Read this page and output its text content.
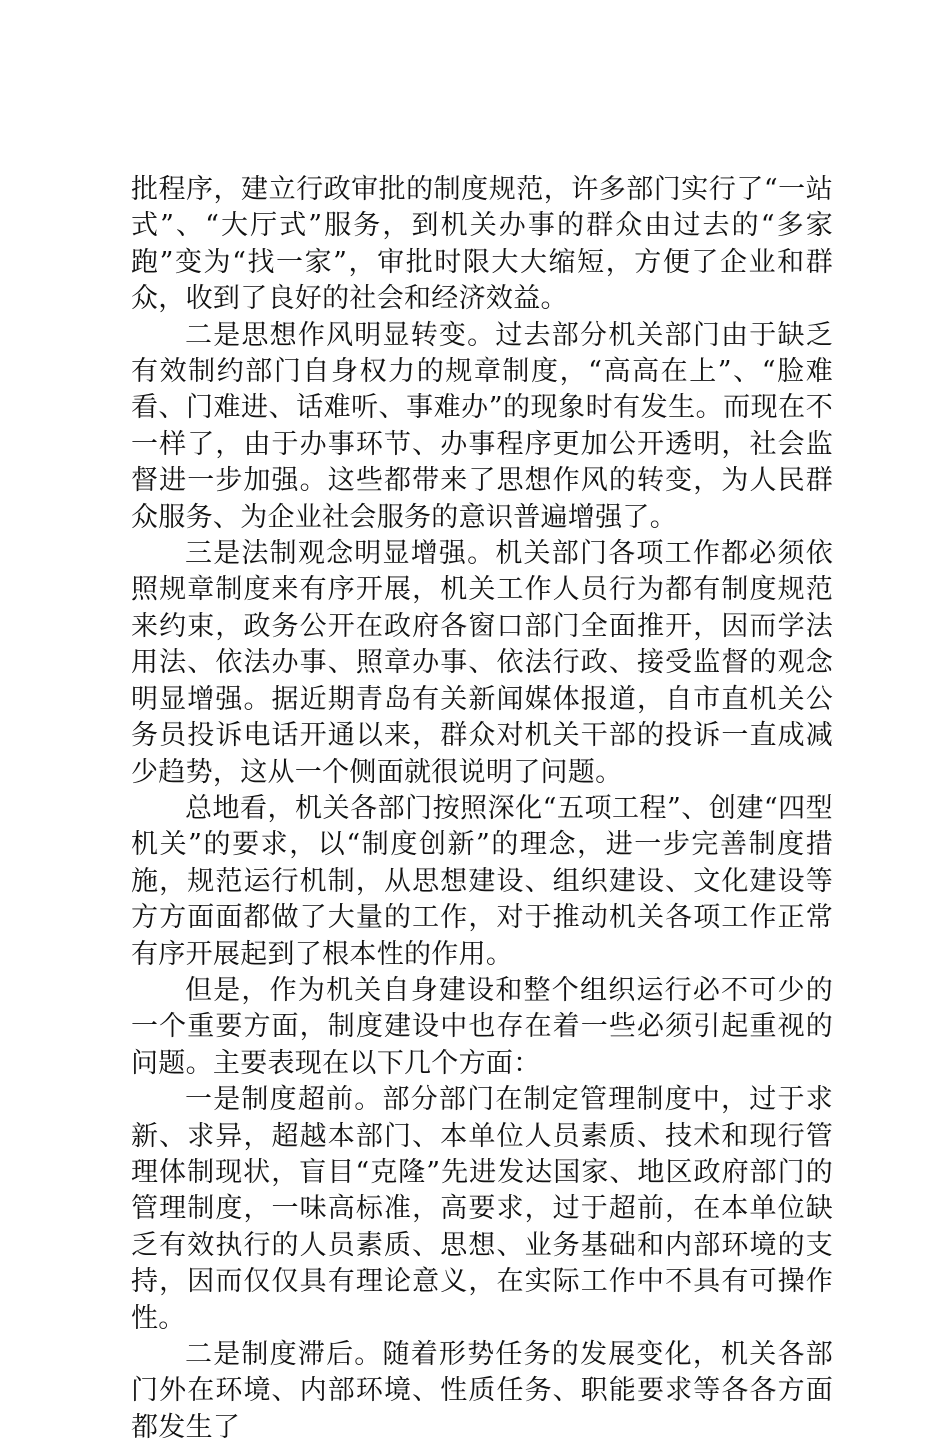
批程序，建立行政审批的制度规范，许多部门实行了“一站式”、“大厅式”服务，到机关办事的群众由过去的“多家跑”变为“找一家”，审批时限大大缩短，方便了企业和群众，收到了良好的社会和经济效益。

二是思想作风明显转变。过去部分机关部门由于缺乏有效制约部门自身权力的规章制度，“高高在上”、“脸难看、门难进、话难听、事难办”的现象时有发生。而现在不一样了，由于办事环节、办事程序更加公开透明，社会监督进一步加强。这些都带来了思想作风的转变，为人民群众服务、为企业社会服务的意识普遍增强了。

三是法制观念明显增强。机关部门各项工作都必须依照规章制度来有序开展，机关工作人员行为都有制度规范来约束，政务公开在政府各窗口部门全面推开，因而学法用法、依法办事、照章办事、依法行政、接受监督的观念明显增强。据近期青岛有关新闻媒体报道，自市直机关公务员投诉电话开通以来，群众对机关干部的投诉一直成减少趋势，这从一个侧面就很说明了问题。

总地看，机关各部门按照深化“五项工程”、创建“四型机关”的要求，以“制度创新”的理念，进一步完善制度措施，规范运行机制，从思想建设、组织建设、文化建设等方方面面都做了大量的工作，对于推动机关各项工作正常有序开展起到了根本性的作用。

但是，作为机关自身建设和整个组织运行必不可少的一个重要方面，制度建设中也存在着一些必须引起重视的问题。主要表现在以下几个方面：

一是制度超前。部分部门在制定管理制度中，过于求新、求异，超越本部门、本单位人员素质、技术和现行管理体制现状，盲目“克隆”先进发达国家、地区政府部门的管理制度，一味高标准，高要求，过于超前，在本单位缺乏有效执行的人员素质、思想、业务基础和内部环境的支持，因而仅仅具有理论意义，在实际工作中不具有可操作性。

二是制度滞后。随着形势任务的发展变化，机关各部门外在环境、内部环境、性质任务、职能要求等各各方面都发生了
